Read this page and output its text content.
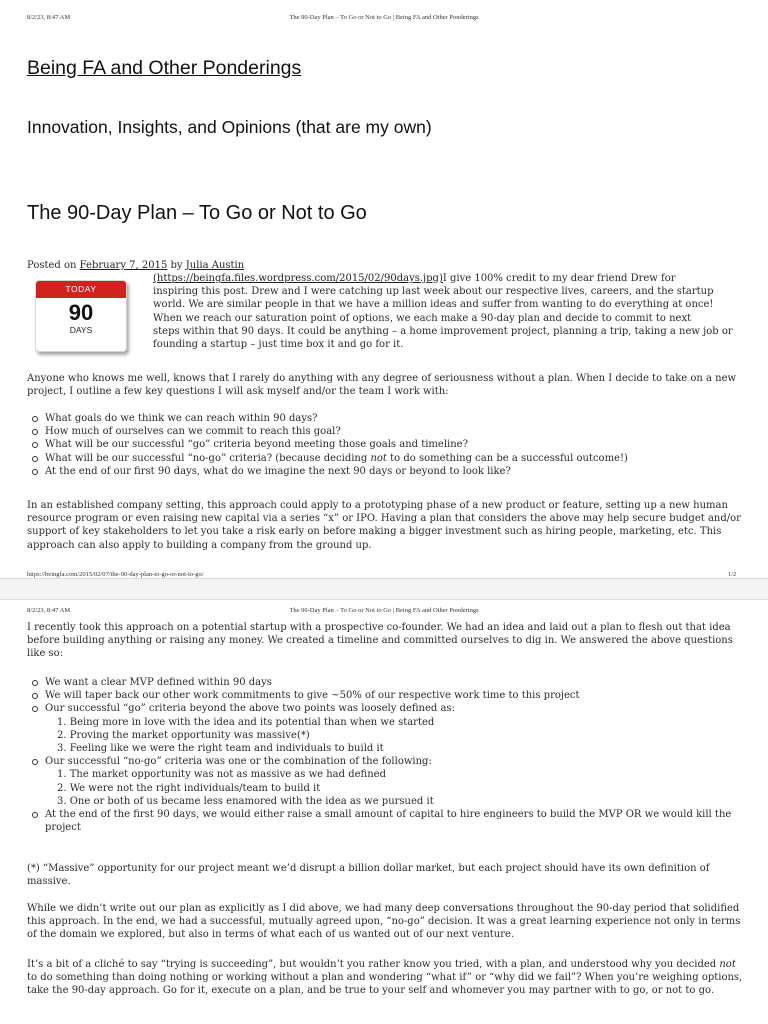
8/2/23, 8:47 AM	The 90-Day Plan – To Go or Not to Go | Being FA and Other Ponderings
Being FA and Other Ponderings
Innovation, Insights, and Opinions (that are my own)
The 90-Day Plan – To Go or Not to Go
Posted on February 7, 2015 by Julia Austin
TODAY
90
DAYS
(https://beingfa.files.wordpress.com/2015/02/90days.jpg)I give 100% credit to my dear friend Drew for
inspiring this post. Drew and I were catching up last week about our respective lives, careers, and the startup
world. We are similar people in that we have a million ideas and suffer from wanting to do everything at once!
When we reach our saturation point of options, we each make a 90-day plan and decide to commit to next
steps within that 90 days. It could be anything – a home improvement project, planning a trip, taking a new job or
founding a startup – just time box it and go for it.

Anyone who knows me well, knows that I rarely do anything with any degree of seriousness without a plan. When I decide to take on a new project, I outline a few key questions I will ask myself and/or the team I work with:

What goals do we think we can reach within 90 days?
How much of ourselves can we commit to reach this goal?
What will be our successful “go” criteria beyond meeting those goals and timeline?
What will be our successful “no-go” criteria? (because deciding not to do something can be a successful outcome!)
At the end of our first 90 days, what do we imagine the next 90 days or beyond to look like?

In an established company setting, this approach could apply to a prototyping phase of a new product or feature, setting up a new human resource program or even raising new capital via a series “x” or IPO. Having a plan that considers the above may help secure budget and/or support of key stakeholders to let you take a risk early on before making a bigger investment such as hiring people, marketing, etc. This approach can also apply to building a company from the ground up.

https://beingfa.com/2015/02/07/the-90-day-plan-to-go-or-not-to-go/	1/2
8/2/23, 8:47 AM	The 90-Day Plan – To Go or Not to Go | Being FA and Other Ponderings

I recently took this approach on a potential startup with a prospective co-founder. We had an idea and laid out a plan to flesh out that idea before building anything or raising any money. We created a timeline and committed ourselves to dig in. We answered the above questions like so:

We want a clear MVP defined within 90 days
We will taper back our other work commitments to give ~50% of our respective work time to this project
Our successful “go” criteria beyond the above two points was loosely defined as:
1. Being more in love with the idea and its potential than when we started
2. Proving the market opportunity was massive(*)
3. Feeling like we were the right team and individuals to build it
Our successful “no-go” criteria was one or the combination of the following:
1. The market opportunity was not as massive as we had defined
2. We were not the right individuals/team to build it
3. One or both of us became less enamored with the idea as we pursued it
At the end of the first 90 days, we would either raise a small amount of capital to hire engineers to build the MVP OR we would kill the project

(*) “Massive” opportunity for our project meant we’d disrupt a billion dollar market, but each project should have its own definition of massive.

While we didn’t write out our plan as explicitly as I did above, we had many deep conversations throughout the 90-day period that solidified this approach. In the end, we had a successful, mutually agreed upon, “no-go” decision. It was a great learning experience not only in terms of the domain we explored, but also in terms of what each of us wanted out of our next venture.

It’s a bit of a cliché to say “trying is succeeding”, but wouldn’t you rather know you tried, with a plan, and understood why you decided not to do something than doing nothing or working without a plan and wondering “what if” or “why did we fail”? When you’re weighing options, take the 90-day approach. Go for it, execute on a plan, and be true to your self and whomever you may partner with to go, or not to go.
